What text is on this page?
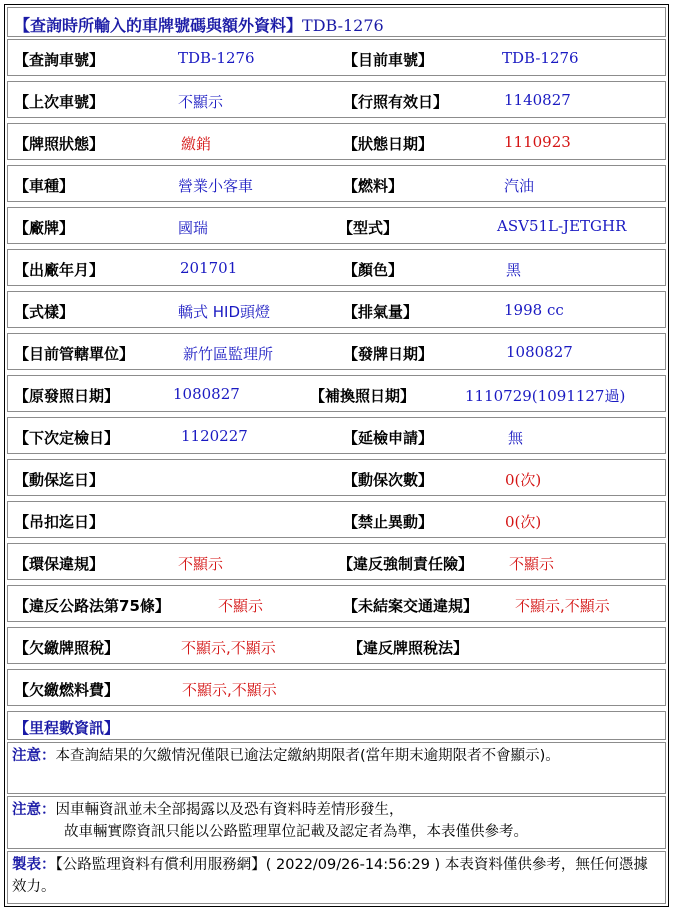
【查詢時所輸入的車牌號碼與額外資料】TDB-1276
【查詢車號】	TDB-1276	【目前車號】	TDB-1276
【上次車號】	不顯示	【行照有效日】	1140827
【牌照狀態】	繳銷	【狀態日期】	1110923
【車種】	營業小客車	【燃料】	汽油
【廠牌】	國瑞	【型式】	ASV51L-JETGHR
【出廠年月】	201701	【顏色】	黑
【式樣】	轎式 HID頭燈	【排氣量】	1998 cc
【目前管轄單位】	新竹區監理所	【發牌日期】	1080827
【原發照日期】	1080827	【補換照日期】	1110729(1091127過)
【下次定檢日】	1120227	【延檢申請】	無
【動保迄日】	【動保次數】	0(次)
【吊扣迄日】	【禁止異動】	0(次)
【環保違規】	不顯示	【違反強制責任險】 不顯示
【違反公路法第75條】	不顯示	【未結案交通違規】 不顯示,不顯示
【欠繳牌照稅】	不顯示,不顯示	【違反牌照稅法】
【欠繳燃料費】	不顯示,不顯示
【里程數資訊】
注意：本查詢結果的欠繳情況僅限已逾法定繳納期限者(當年期末逾期限者不會顯示)。
注意：因車輛資訊並未全部揭露以及恐有資料時差情形發生，
故車輛實際資訊只能以公路監理單位記載及認定者為準，本表僅供參考。
製表：【公路監理資料有償利用服務網】( 2022/09/26-14:56:29 ) 本表資料僅供參考，無任何憑據效力。
